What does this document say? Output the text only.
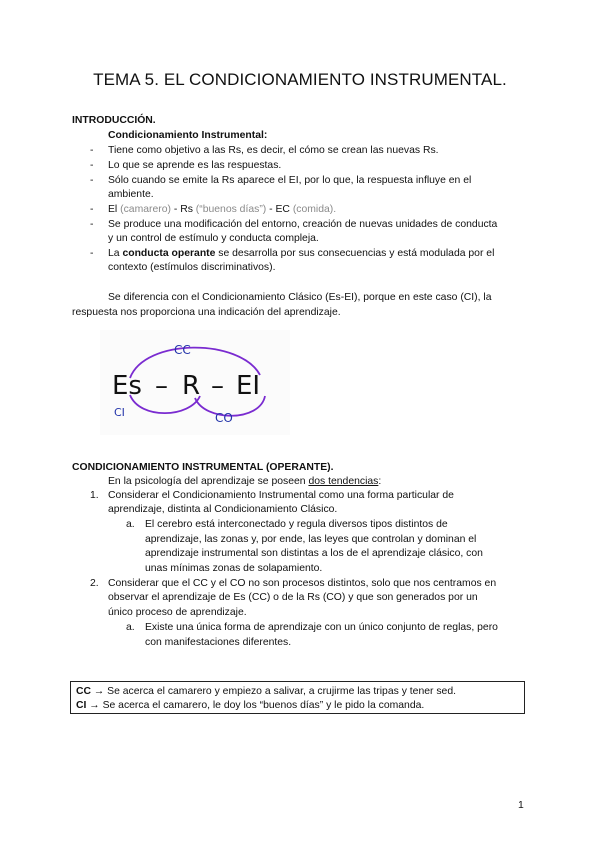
TEMA 5. EL CONDICIONAMIENTO INSTRUMENTAL.
INTRODUCCIÓN.
Condicionamiento Instrumental:
-	Tiene como objetivo a las Rs, es decir, el cómo se crean las nuevas Rs.
-	Lo que se aprende es las respuestas.
-	Sólo cuando se emite la Rs aparece el EI, por lo que, la respuesta influye en el
ambiente.
-	El (camarero) - Rs (“buenos días”) - EC (comida).
-	Se produce una modificación del entorno, creación de nuevas unidades de conducta
y un control de estímulo y conducta compleja.
-	La conducta operante se desarrolla por sus consecuencias y está modulada por el
contexto (estímulos discriminativos).
Se diferencia con el Condicionamiento Clásico (Es-EI), porque en este caso (CI), la
respuesta nos proporciona una indicación del aprendizaje.
CC
Es – R – EI
CI	CO
CONDICIONAMIENTO INSTRUMENTAL (OPERANTE).
En la psicología del aprendizaje se poseen dos tendencias:
1. Considerar el Condicionamiento Instrumental como una forma particular de
aprendizaje, distinta al Condicionamiento Clásico.
a. El cerebro está interconectado y regula diversos tipos distintos de
aprendizaje, las zonas y, por ende, las leyes que controlan y dominan el
aprendizaje instrumental son distintas a los de el aprendizaje clásico, con
unas mínimas zonas de solapamiento.
2. Considerar que el CC y el CO no son procesos distintos, solo que nos centramos en
observar el aprendizaje de Es (CC) o de la Rs (CO) y que son generados por un
único proceso de aprendizaje.
a. Existe una única forma de aprendizaje con un único conjunto de reglas, pero
con manifestaciones diferentes.
CC → Se acerca el camarero y empiezo a salivar, a crujirme las tripas y tener sed.
CI → Se acerca el camarero, le doy los “buenos días” y le pido la comanda.
1
